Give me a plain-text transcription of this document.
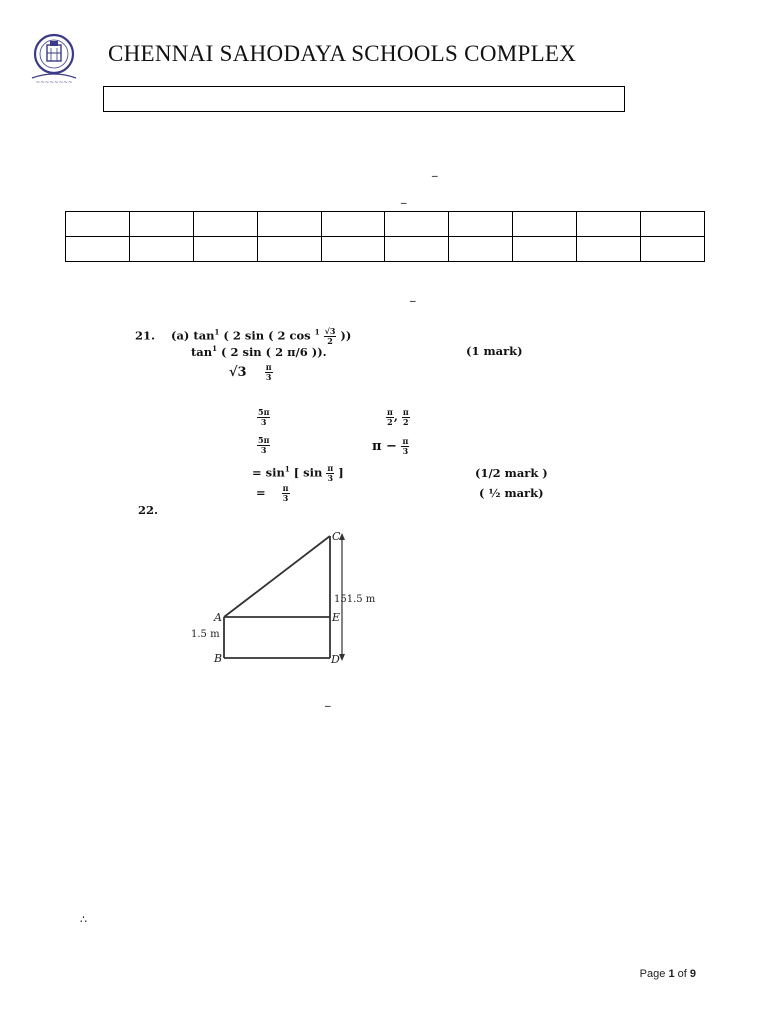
~~~~~~~~
CHENNAI SAHODAYA SCHOOLS COMPLEX
_
_

_
21. (a) $\tan^1$ ( 2 sin ( 2 $\cos ^1 \frac{√3}{2}$ ))
$\tan^1$ ( 2 sin ( 2 π/6 )).	(1 mark)
$√3 \frac{\pi}{3}$
$\frac{5\pi}{3}$	$\frac{\pi}{2}$ , $\frac{\pi}{2}$
$\frac{5\pi}{3}$	$\pi - \frac{\pi}{3}$
= $\sin^1$ [ $\sin \frac{\pi}{3}$ ]	(1/2 mark )
= $\frac{\pi}{3}$	( ½ mark)
22.
A
B
C
D
E
151.5 m
1.5 m
_
∴
Page 1 of 9
